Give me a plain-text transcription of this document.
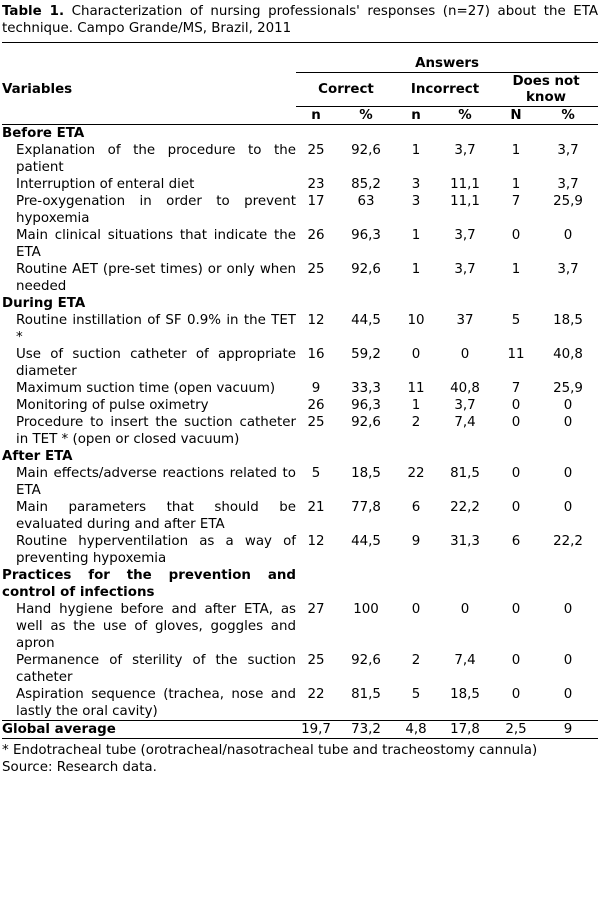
Table 1. Characterization of nursing professionals' responses (n=27) about the ETA technique. Campo Grande/MS, Brazil, 2011

	Answers					
Variables	Correct		Incorrect		Does not know	
	n	%	n	%	N	%
Before ETA						

Explanation of the procedure to the patient	25	92,6	1	3,7	1	3,7

Interruption of enteral diet	23	85,2	3	11,1	1	3,7

Pre-oxygenation in order to prevent hypoxemia	17	63	3	11,1	7	25,9

Main clinical situations that indicate the ETA	26	96,3	1	3,7	0	0

Routine AET (pre-set times) or only when needed	25	92,6	1	3,7	1	3,7
During ETA						

Routine instillation of SF 0.9% in the TET *	12	44,5	10	37	5	18,5

Use of suction catheter of appropriate diameter	16	59,2	0	0	11	40,8

Maximum suction time (open vacuum)	9	33,3	11	40,8	7	25,9

Monitoring of pulse oximetry	26	96,3	1	3,7	0	0

Procedure to insert the suction catheter in TET * (open or closed vacuum)	25	92,6	2	7,4	0	0
After ETA						

Main effects/adverse reactions related to ETA	5	18,5	22	81,5	0	0

Main parameters that should be evaluated during and after ETA	21	77,8	6	22,2	0	0

Routine hyperventilation as a way of preventing hypoxemia	12	44,5	9	31,3	6	22,2
Practices for the prevention and control of infections						

Hand hygiene before and after ETA, as well as the use of gloves, goggles and apron	27	100	0	0	0	0

Permanence of sterility of the suction catheter	25	92,6	2	7,4	0	0

Aspiration sequence (trachea, nose and lastly the oral cavity)	22	81,5	5	18,5	0	0
Global average	19,7	73,2	4,8	17,8	2,5	9

* Endotracheal tube (orotracheal/nasotracheal tube and tracheostomy cannula)

Source: Research data.
